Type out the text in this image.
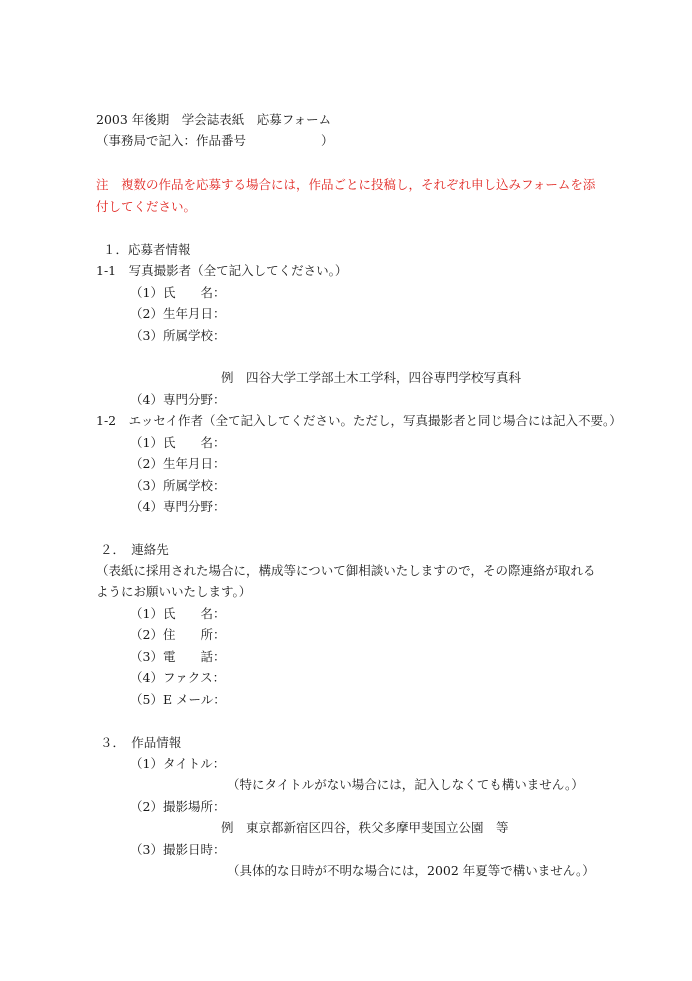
2003 年後期　学会誌表紙　応募フォーム
（事務局で記入：作品番号　　　　　　）
注　複数の作品を応募する場合には，作品ごとに投稿し，それぞれ申し込みフォームを添
付してください。
１．応募者情報
1-1　写真撮影者（全て記入してください。）
（1）氏　　名：
（2）生年月日：
（3）所属学校：
例　四谷大学工学部土木工学科，四谷専門学校写真科
（4）専門分野：
1-2　エッセイ作者（全て記入してください。ただし，写真撮影者と同じ場合には記入不要。）
（1）氏　　名：
（2）生年月日：
（3）所属学校：
（4）専門分野：
２．　連絡先
（表紙に採用された場合に，構成等について御相談いたしますので，その際連絡が取れる
ようにお願いいたします。）
（1）氏　　名：
（2）住　　所：
（3）電　　話：
（4）ファクス：
（5）E メール：
３．　作品情報
（1）タイトル：
（特にタイトルがない場合には，記入しなくても構いません。）
（2）撮影場所：
例　東京都新宿区四谷，秩父多摩甲斐国立公園　等
（3）撮影日時：
（具体的な日時が不明な場合には，2002 年夏等で構いません。）
